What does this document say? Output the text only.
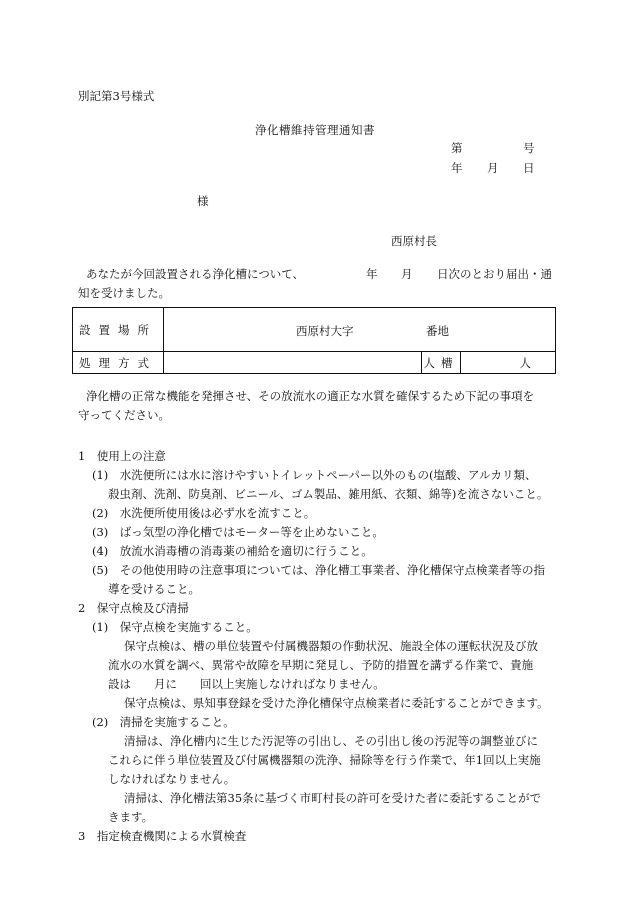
別記第3号様式
浄化槽維持管理通知書
第	号
年 月 日
様
西原村長
あなたが今回設置される浄化槽について、	年 月 日次のとおり届出・通
知を受けました。
設置場所	西原村大字 番地		

処理方式		人槽	人
浄化槽の正常な機能を発揮させ、その放流水の適正な水質を確保するため下記の事項を
守ってください。
1　使用上の注意
(1)　水洗便所には水に溶けやすいトイレットペーパー以外のもの(塩酸、アルカリ類、
殺虫剤、洗剤、防臭剤、ビニール、ゴム製品、雑用紙、衣類、綿等)を流さないこと。
(2)　水洗便所使用後は必ず水を流すこと。
(3)　ばっ気型の浄化槽ではモーター等を止めないこと。
(4)　放流水消毒槽の消毒薬の補給を適切に行うこと。
(5)　その他使用時の注意事項については、浄化槽工事業者、浄化槽保守点検業者等の指
導を受けること。
2　保守点検及び清掃
(1)　保守点検を実施すること。
保守点検は、槽の単位装置や付属機器類の作動状況、施設全体の運転状況及び放
流水の水質を調べ、異常や故障を早期に発見し、予防的措置を講ずる作業で、貴施
設は　　月に 回以上実施しなければなりません。
保守点検は、県知事登録を受けた浄化槽保守点検業者に委託することができます。
(2)　清掃を実施すること。
清掃は、浄化槽内に生じた汚泥等の引出し、その引出し後の汚泥等の調整並びに
これらに伴う単位装置及び付属機器類の洗浄、掃除等を行う作業で、年1回以上実施
しなければなりません。
清掃は、浄化槽法第35条に基づく市町村長の許可を受けた者に委託することがで
きます。
3　指定検査機関による水質検査
